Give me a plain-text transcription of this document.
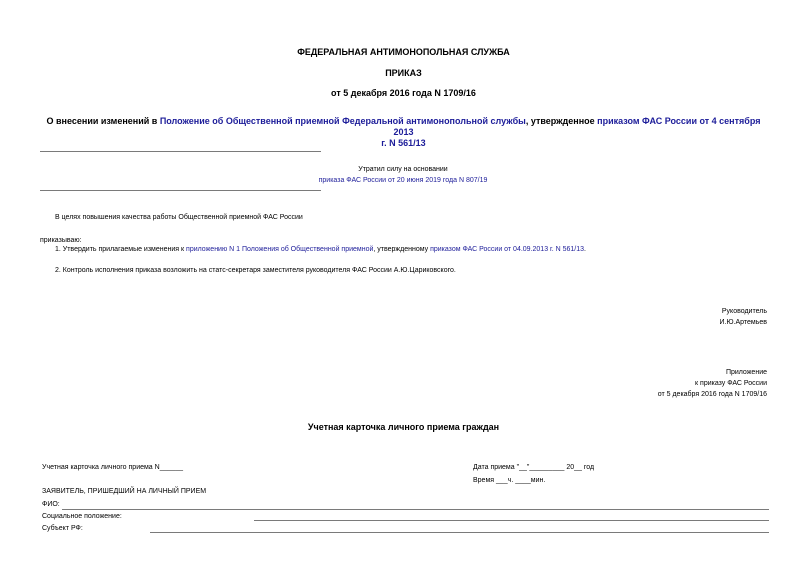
ФЕДЕРАЛЬНАЯ АНТИМОНОПОЛЬНАЯ СЛУЖБА
ПРИКАЗ
от 5 декабря 2016 года N 1709/16
О внесении изменений в Положение об Общественной приемной Федеральной антимонопольной службы, утвержденное приказом ФАС России от 4 сентября 2013
г. N 561/13
Утратил силу на основании
приказа ФАС России от 20 июня 2019 года N 807/19
В целях повышения качества работы Общественной приемной ФАС России
приказываю:
1. Утвердить прилагаемые изменения к приложению N 1 Положения об Общественной приемной, утвержденному приказом ФАС России от 04.09.2013 г. N 561/13.
2. Контроль исполнения приказа возложить на статс-секретаря заместителя руководителя ФАС России А.Ю.Цариковского.
Руководитель
И.Ю.Артемьев
Приложение
к приказу ФАС России
от 5 декабря 2016 года N 1709/16
Учетная карточка личного приема граждан
Учетная карточка личного приема N______	Дата приема "__"_________ 20__ год
Время ___ч. ____мин.
ЗАЯВИТЕЛЬ, ПРИШЕДШИЙ НА ЛИЧНЫЙ ПРИЕМ
ФИО:
Социальное положение:
Субъект РФ:
